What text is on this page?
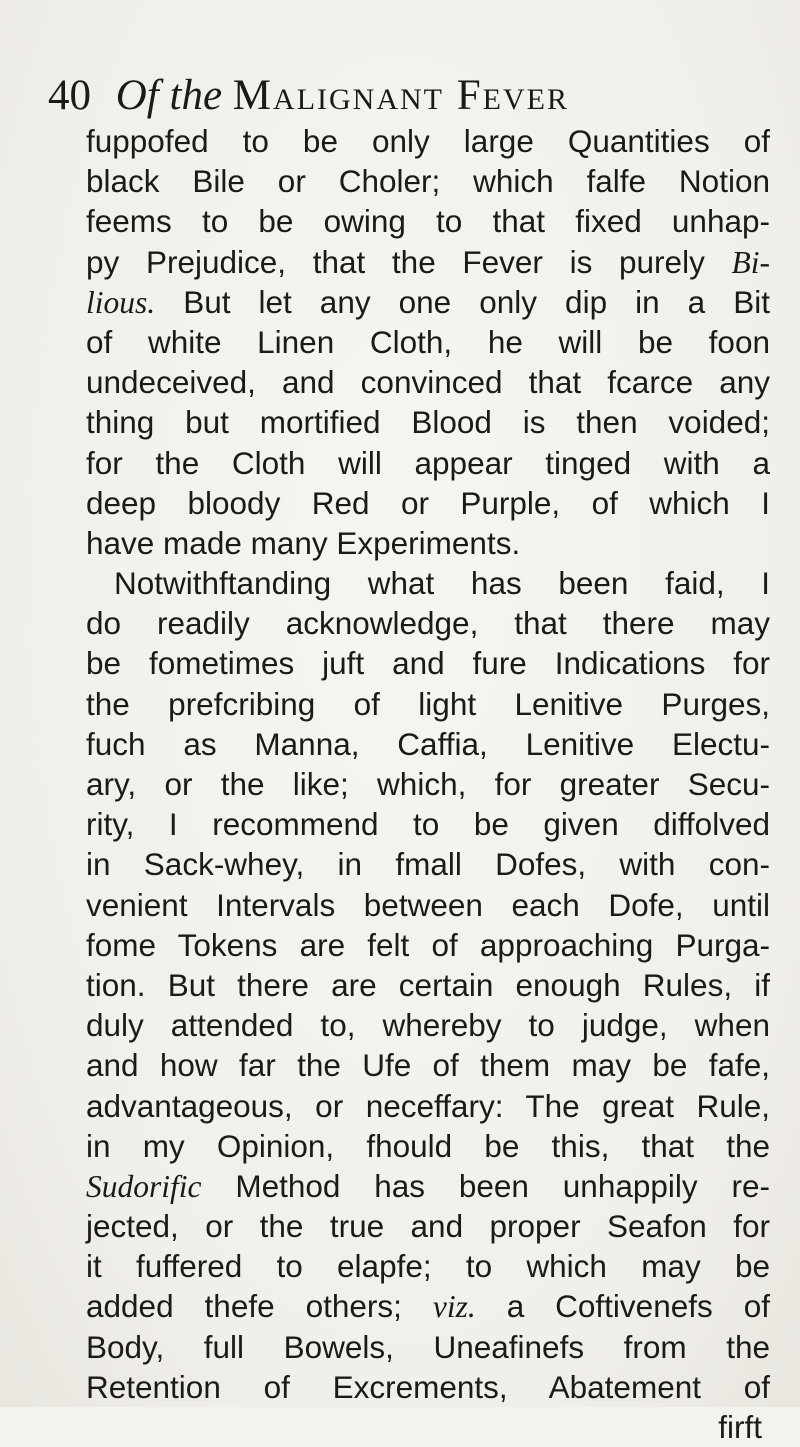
40 Of the Malignant Fever
fuppofed to be only large Quantities of
black Bile or Choler; which falfe Notion
feems to be owing to that fixed unhap-
py Prejudice, that the Fever is purely Bi-
lious. But let any one only dip in a Bit
of white Linen Cloth, he will be foon
undeceived, and convinced that fcarce any
thing but mortified Blood is then voided;
for the Cloth will appear tinged with a
deep bloody Red or Purple, of which I
have made many Experiments.
Notwithftanding what has been faid, I
do readily acknowledge, that there may
be fometimes juft and fure Indications for
the prefcribing of light Lenitive Purges,
fuch as Manna, Caffia, Lenitive Electu-
ary, or the like; which, for greater Secu-
rity, I recommend to be given diffolved
in Sack-whey, in fmall Dofes, with con-
venient Intervals between each Dofe, until
fome Tokens are felt of approaching Purga-
tion. But there are certain enough Rules, if
duly attended to, whereby to judge, when
and how far the Ufe of them may be fafe,
advantageous, or neceffary: The great Rule,
in my Opinion, fhould be this, that the
Sudorific Method has been unhappily re-
jected, or the true and proper Seafon for
it fuffered to elapfe; to which may be
added thefe others; viz. a Coftivenefs of
Body, full Bowels, Uneafinefs from the
Retention of Excrements, Abatement of
firft
